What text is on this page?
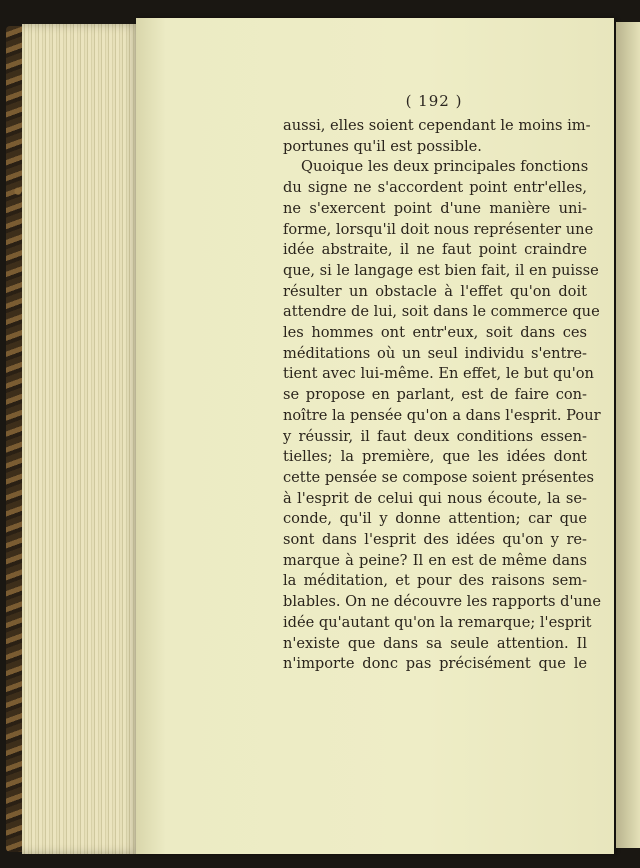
( 192 )

aussi, elles soient cependant le moins im-
portunes qu'il est possible.
Quoique les deux principales fonctions
du signe ne s'accordent point entr'elles,
ne s'exercent point d'une manière uni-
forme, lorsqu'il doit nous représenter une
idée abstraite, il ne faut point craindre
que, si le langage est bien fait, il en puisse
résulter un obstacle à l'effet qu'on doit
attendre de lui, soit dans le commerce que
les hommes ont entr'eux, soit dans ces
méditations où un seul individu s'entre-
tient avec lui-même. En effet, le but qu'on
se propose en parlant, est de faire con-
noître la pensée qu'on a dans l'esprit. Pour
y réussir, il faut deux conditions essen-
tielles; la première, que les idées dont
cette pensée se compose soient présentes
à l'esprit de celui qui nous écoute, la se-
conde, qu'il y donne attention; car que
sont dans l'esprit des idées qu'on y re-
marque à peine? Il en est de même dans
la méditation, et pour des raisons sem-
blables. On ne découvre les rapports d'une
idée qu'autant qu'on la remarque; l'esprit
n'existe que dans sa seule attention. Il
n'importe donc pas précisément que le
